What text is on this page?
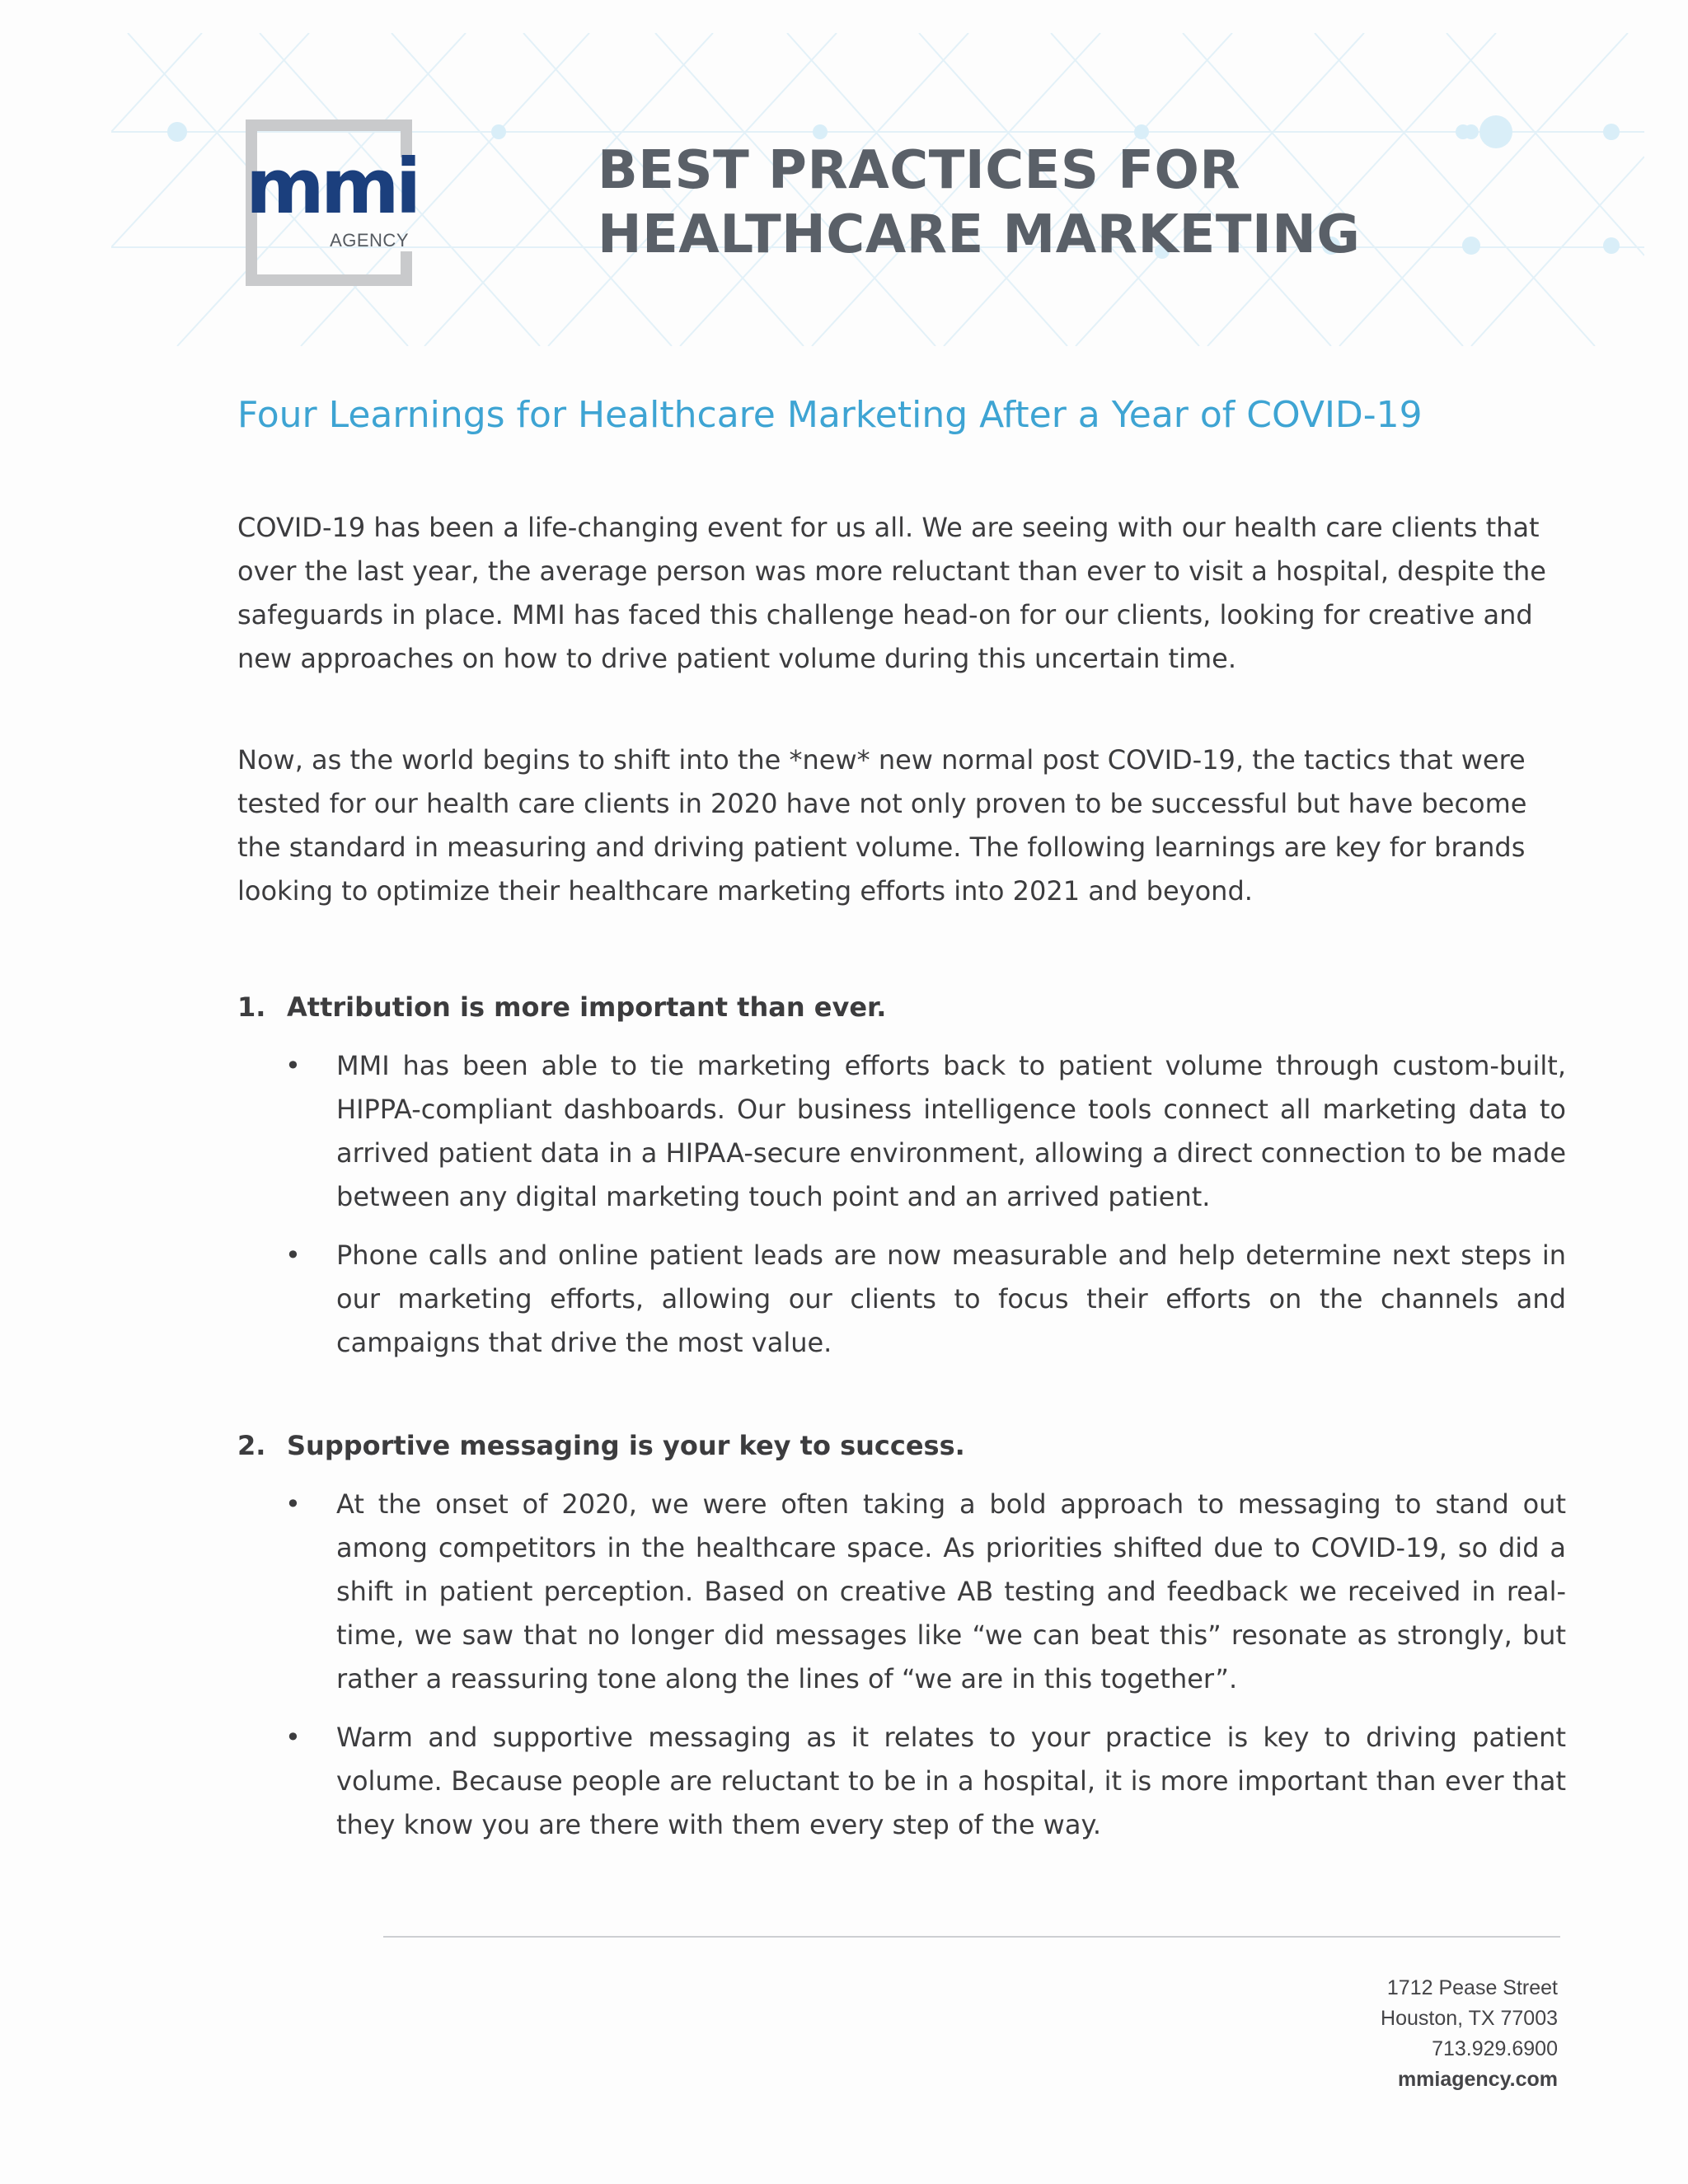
mmi
AGENCY
BEST PRACTICES FOR
HEALTHCARE MARKETING
Four Learnings for Healthcare Marketing After a Year of COVID-19

COVID-19 has been a life-changing event for us all. We are seeing with our health care clients that over the last year, the average person was more reluctant than ever to visit a hospital, despite the safeguards in place. MMI has faced this challenge head-on for our clients, looking for creative and new approaches on how to drive patient volume during this uncertain time.

Now, as the world begins to shift into the *new* new normal post COVID-19, the tactics that were tested for our health care clients in 2020 have not only proven to be successful but have become the standard in measuring and driving patient volume. The following learnings are key for brands looking to optimize their healthcare marketing efforts into 2021 and beyond.

1. Attribution is more important than ever.
• MMI has been able to tie marketing efforts back to patient volume through custom-built, HIPPA-compliant dashboards. Our business intelligence tools connect all marketing data to arrived patient data in a HIPAA-secure environment, allowing a direct connection to be made between any digital marketing touch point and an arrived patient.
• Phone calls and online patient leads are now measurable and help determine next steps in our marketing efforts, allowing our clients to focus their efforts on the channels and campaigns that drive the most value.
2. Supportive messaging is your key to success.
• At the onset of 2020, we were often taking a bold approach to messaging to stand out among competitors in the healthcare space. As priorities shifted due to COVID-19, so did a shift in patient perception. Based on creative AB testing and feedback we received in real-time, we saw that no longer did messages like “we can beat this” resonate as strongly, but rather a reassuring tone along the lines of “we are in this together”.
• Warm and supportive messaging as it relates to your practice is key to driving patient volume. Because people are reluctant to be in a hospital, it is more important than ever that they know you are there with them every step of the way.
1712 Pease Street
Houston, TX 77003
713.929.6900
mmiagency.com
